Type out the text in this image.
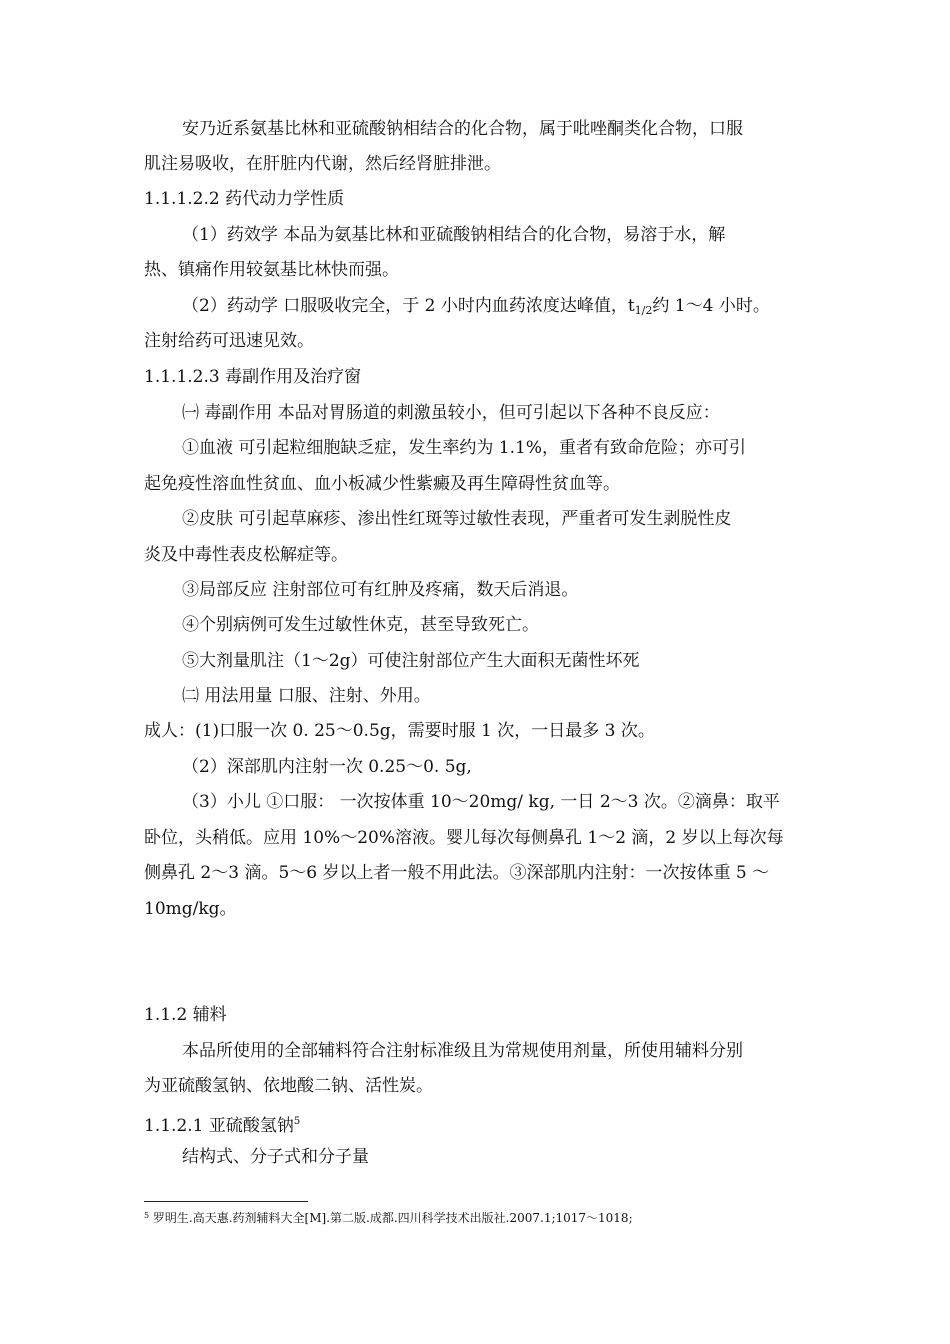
安乃近系氨基比林和亚硫酸钠相结合的化合物，属于吡唑酮类化合物，口服
肌注易吸收，在肝脏内代谢，然后经肾脏排泄。
1.1.1.2.2 药代动力学性质
（1）药效学 本品为氨基比林和亚硫酸钠相结合的化合物，易溶于水，解
热、镇痛作用较氨基比林快而强。
（2）药动学 口服吸收完全，于 2 小时内血药浓度达峰值，$t_{1/2}$约 1～4 小时。
注射给药可迅速见效。
1.1.1.2.3 毒副作用及治疗窗
㈠ 毒副作用 本品对胃肠道的刺激虽较小，但可引起以下各种不良反应：
①血液 可引起粒细胞缺乏症，发生率约为 1.1%，重者有致命危险；亦可引
起免疫性溶血性贫血、血小板减少性紫癜及再生障碍性贫血等。
②皮肤 可引起草麻疹、渗出性红斑等过敏性表现，严重者可发生剥脱性皮
炎及中毒性表皮松解症等。
③局部反应 注射部位可有红肿及疼痛，数天后消退。
④个别病例可发生过敏性休克，甚至导致死亡。
⑤大剂量肌注（1～2g）可使注射部位产生大面积无菌性坏死
㈡ 用法用量 口服、注射、外用。
成人：(1)口服一次 0. 25～0.5g，需要时服 1 次，一日最多 3 次。
（2）深部肌内注射一次 0.25～0. 5g,
（3）小儿 ①口服： 一次按体重 10～20mg/ kg, 一日 2～3 次。②滴鼻：取平
卧位，头稍低。应用 10%～20%溶液。婴儿每次每侧鼻孔 1～2 滴，2 岁以上每次每
侧鼻孔 2～3 滴。5～6 岁以上者一般不用此法。③深部肌内注射：一次按体重 5 ～
10mg/kg。
1.1.2 辅料
本品所使用的全部辅料符合注射标准级且为常规使用剂量，所使用辅料分别
为亚硫酸氢钠、依地酸二钠、活性炭。
1.1.2.1 亚硫酸氢钠$^5$
结构式、分子式和分子量
$^5$ 罗明生.高天惠.药剂辅料大全[M].第二版.成都.四川科学技术出版社.2007.1;1017～1018;
